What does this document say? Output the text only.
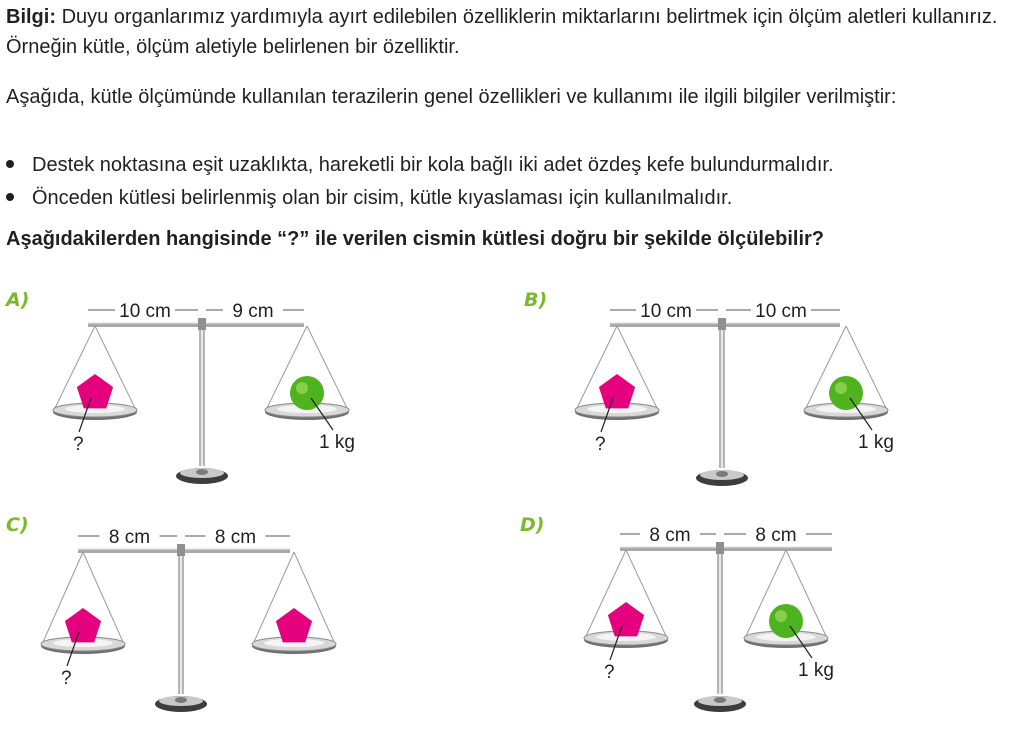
Bilgi: Duyu organlarımız yardımıyla ayırt edilebilen özelliklerin miktarlarını belirtmek için ölçüm aletleri kullanırız. Örneğin kütle, ölçüm aletiyle belirlenen bir özelliktir.

Aşağıda, kütle ölçümünde kullanılan terazilerin genel özellikleri ve kullanımı ile ilgili bilgiler verilmiştir:

Destek noktasına eşit uzaklıkta, hareketli bir kola bağlı iki adet özdeş kefe bulundurmalıdır.
Önceden kütlesi belirlenmiş olan bir cisim, kütle kıyaslaması için kullanılmalıdır.

Aşağıdakilerden hangisinde “?” ile verilen cismin kütlesi doğru bir şekilde ölçülebilir?

A)	B)
C)	D)
10 cm	9 cm
?	1 kg
10 cm	10 cm
?	1 kg
8 cm	8 cm
?
8 cm	8 cm
?	1 kg
